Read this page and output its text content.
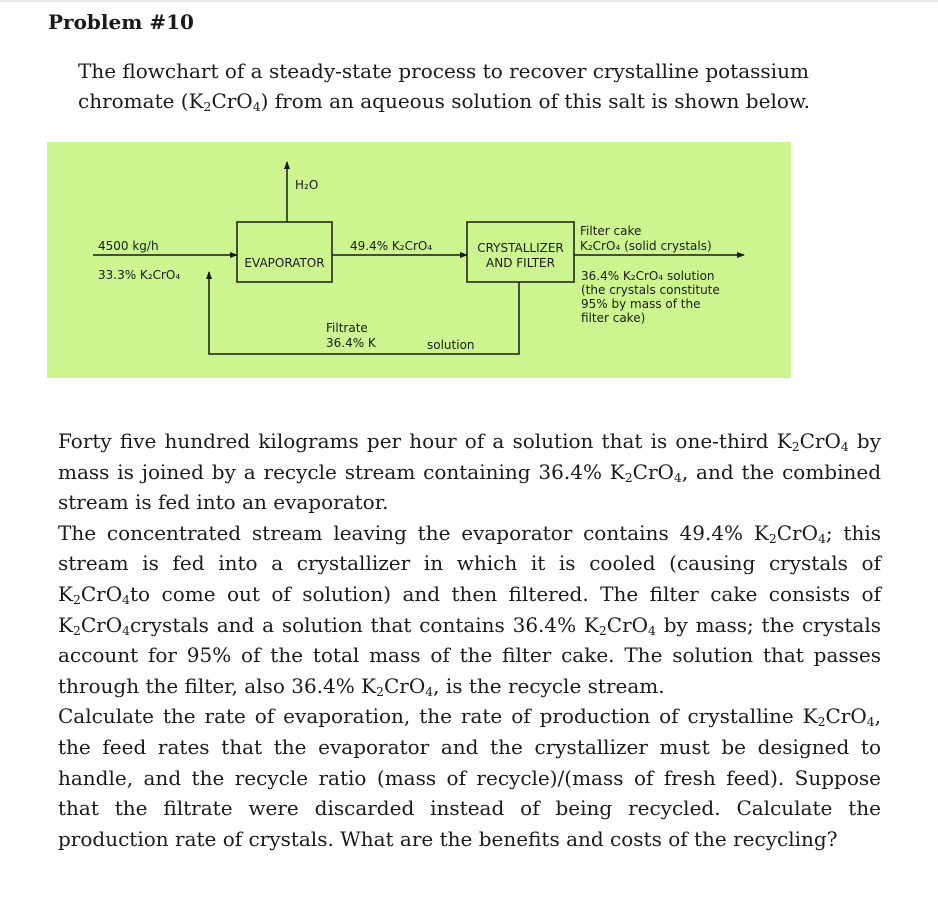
Problem #10
The flowchart of a steady-state process to recover crystalline potassium
chromate $(K_2CrO_4)$ from an aqueous solution of this salt is shown below.
H₂O
4500 kg/h
33.3% K₂CrO₄
EVAPORATOR
49.4% K₂CrO₄	CRYSTALLIZER
AND FILTER
Filter cake
K₂CrO₄ (solid crystals)
36.4% K₂CrO₄ solution
(the crystals constitute
95% by mass of the
filter cake)
Filtrate
36.4% K	solution

Forty five hundred kilograms per hour of a solution that is one-third $K_2CrO_4$ by mass is joined by a recycle stream containing 36.4% $K_2CrO_4$, and the combined stream is fed into an evaporator.

The concentrated stream leaving the evaporator contains 49.4% $K_2CrO_4$; this stream is fed into a crystallizer in which it is cooled (causing crystals of $K_2CrO_4to$ come out of solution) and then filtered. The filter cake consists of $K_2CrO_4crystals$ and a solution that contains 36.4% $K_2CrO_4$ by mass; the crystals account for 95% of the total mass of the filter cake. The solution that passes through the filter, also 36.4% $K_2CrO_4$, is the recycle stream.

Calculate the rate of evaporation, the rate of production of crystalline $K_2CrO_4$, the feed rates that the evaporator and the crystallizer must be designed to handle, and the recycle ratio (mass of recycle)/(mass of fresh feed). Suppose that the filtrate were discarded instead of being recycled. Calculate the production rate of crystals. What are the benefits and costs of the recycling?
